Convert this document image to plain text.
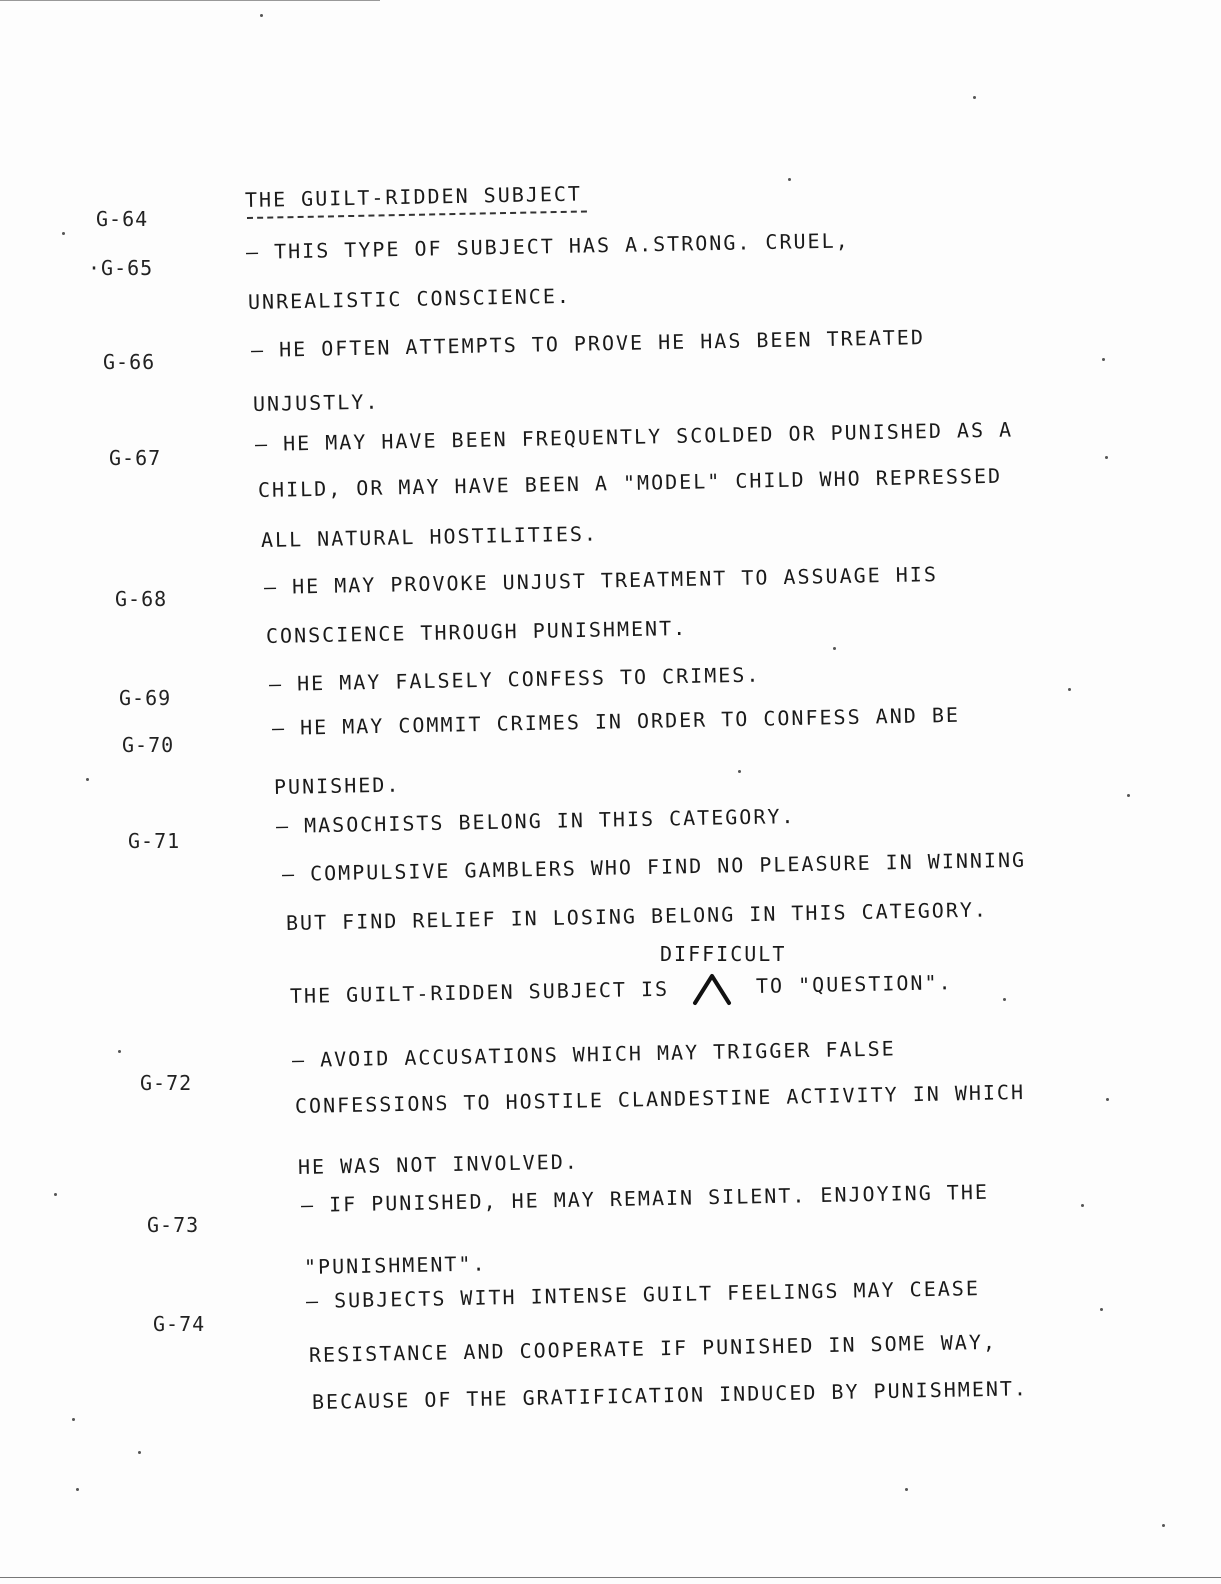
THE GUILT-RIDDEN SUBJECT
G-64
·G-65
G-66
G-67
G-68
G-69
G-70
G-71
G-72
G-73
G-74
– THIS TYPE OF SUBJECT HAS A.STRONG. CRUEL,
UNREALISTIC CONSCIENCE.
– HE OFTEN ATTEMPTS TO PROVE HE HAS BEEN TREATED
UNJUSTLY.
– HE MAY HAVE BEEN FREQUENTLY SCOLDED OR PUNISHED AS A
CHILD, OR MAY HAVE BEEN A "MODEL" CHILD WHO REPRESSED
ALL NATURAL HOSTILITIES.
– HE MAY PROVOKE UNJUST TREATMENT TO ASSUAGE HIS
CONSCIENCE THROUGH PUNISHMENT.
– HE MAY FALSELY CONFESS TO CRIMES.
– HE MAY COMMIT CRIMES IN ORDER TO CONFESS AND BE
PUNISHED.
– MASOCHISTS BELONG IN THIS CATEGORY.
– COMPULSIVE GAMBLERS WHO FIND NO PLEASURE IN WINNING
BUT FIND RELIEF IN LOSING BELONG IN THIS CATEGORY.
DIFFICULT
THE GUILT-RIDDEN SUBJECT IS	TO "QUESTION".
– AVOID ACCUSATIONS WHICH MAY TRIGGER FALSE
CONFESSIONS TO HOSTILE CLANDESTINE ACTIVITY IN WHICH
HE WAS NOT INVOLVED.
– IF PUNISHED, HE MAY REMAIN SILENT. ENJOYING THE
"PUNISHMENT".
– SUBJECTS WITH INTENSE GUILT FEELINGS MAY CEASE
RESISTANCE AND COOPERATE IF PUNISHED IN SOME WAY,
BECAUSE OF THE GRATIFICATION INDUCED BY PUNISHMENT.
